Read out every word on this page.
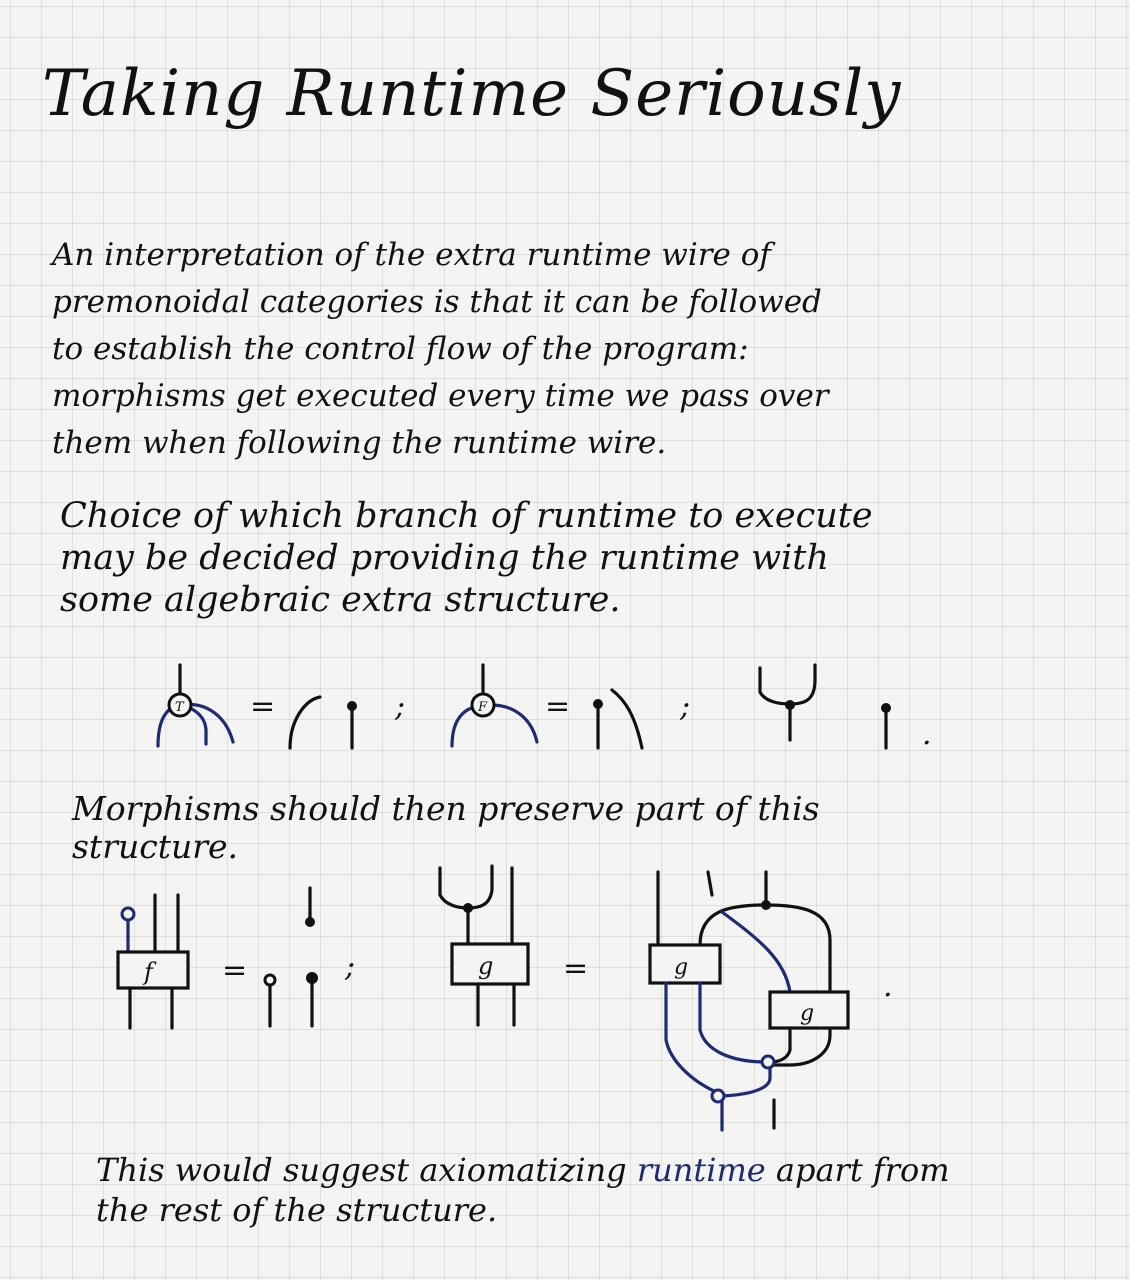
Taking Runtime Seriously

An interpretation of the extra runtime wire of
premonoidal categories is that it can be followed
to establish the control flow of the program:
morphisms get executed every time we pass over
them when following the runtime wire.

Choice of which branch of runtime to execute
may be decided providing the runtime with
some algebraic extra structure.

T =	;	F =	;
.

Morphisms should then preserve part of this
structure.

f =	;	g =	g
g
.

This would suggest axiomatizing runtime apart from
the rest of the structure.
